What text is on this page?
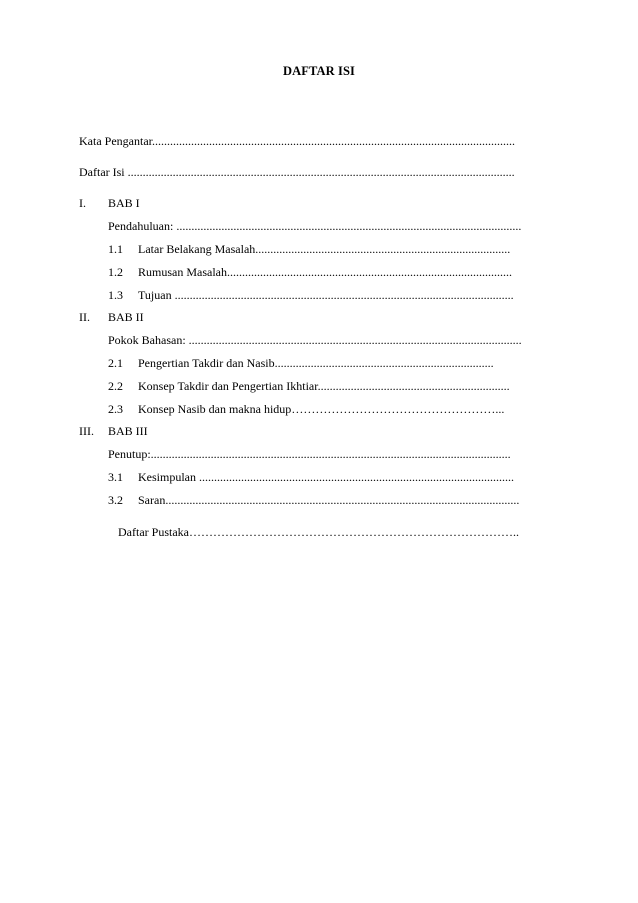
DAFTAR ISI
Kata Pengantar.........................................................................................................................
Daftar Isi .................................................................................................................................
I. BAB I
Pendahuluan: ...................................................................................................................
1.1 Latar Belakang Masalah.....................................................................................
1.2 Rumusan Masalah...............................................................................................
1.3 Tujuan .................................................................................................................
II. BAB II
Pokok Bahasan: ...............................................................................................................
2.1 Pengertian Takdir dan Nasib.........................................................................
2.2 Konsep Takdir dan Pengertian Ikhtiar................................................................
2.3 Konsep Nasib dan makna hidup……………………………………………...
III. BAB III
Penutup:........................................................................................................................
3.1 Kesimpulan .........................................................................................................
3.2 Saran......................................................................................................................
Daftar Pustaka………………………………………………………………………..
